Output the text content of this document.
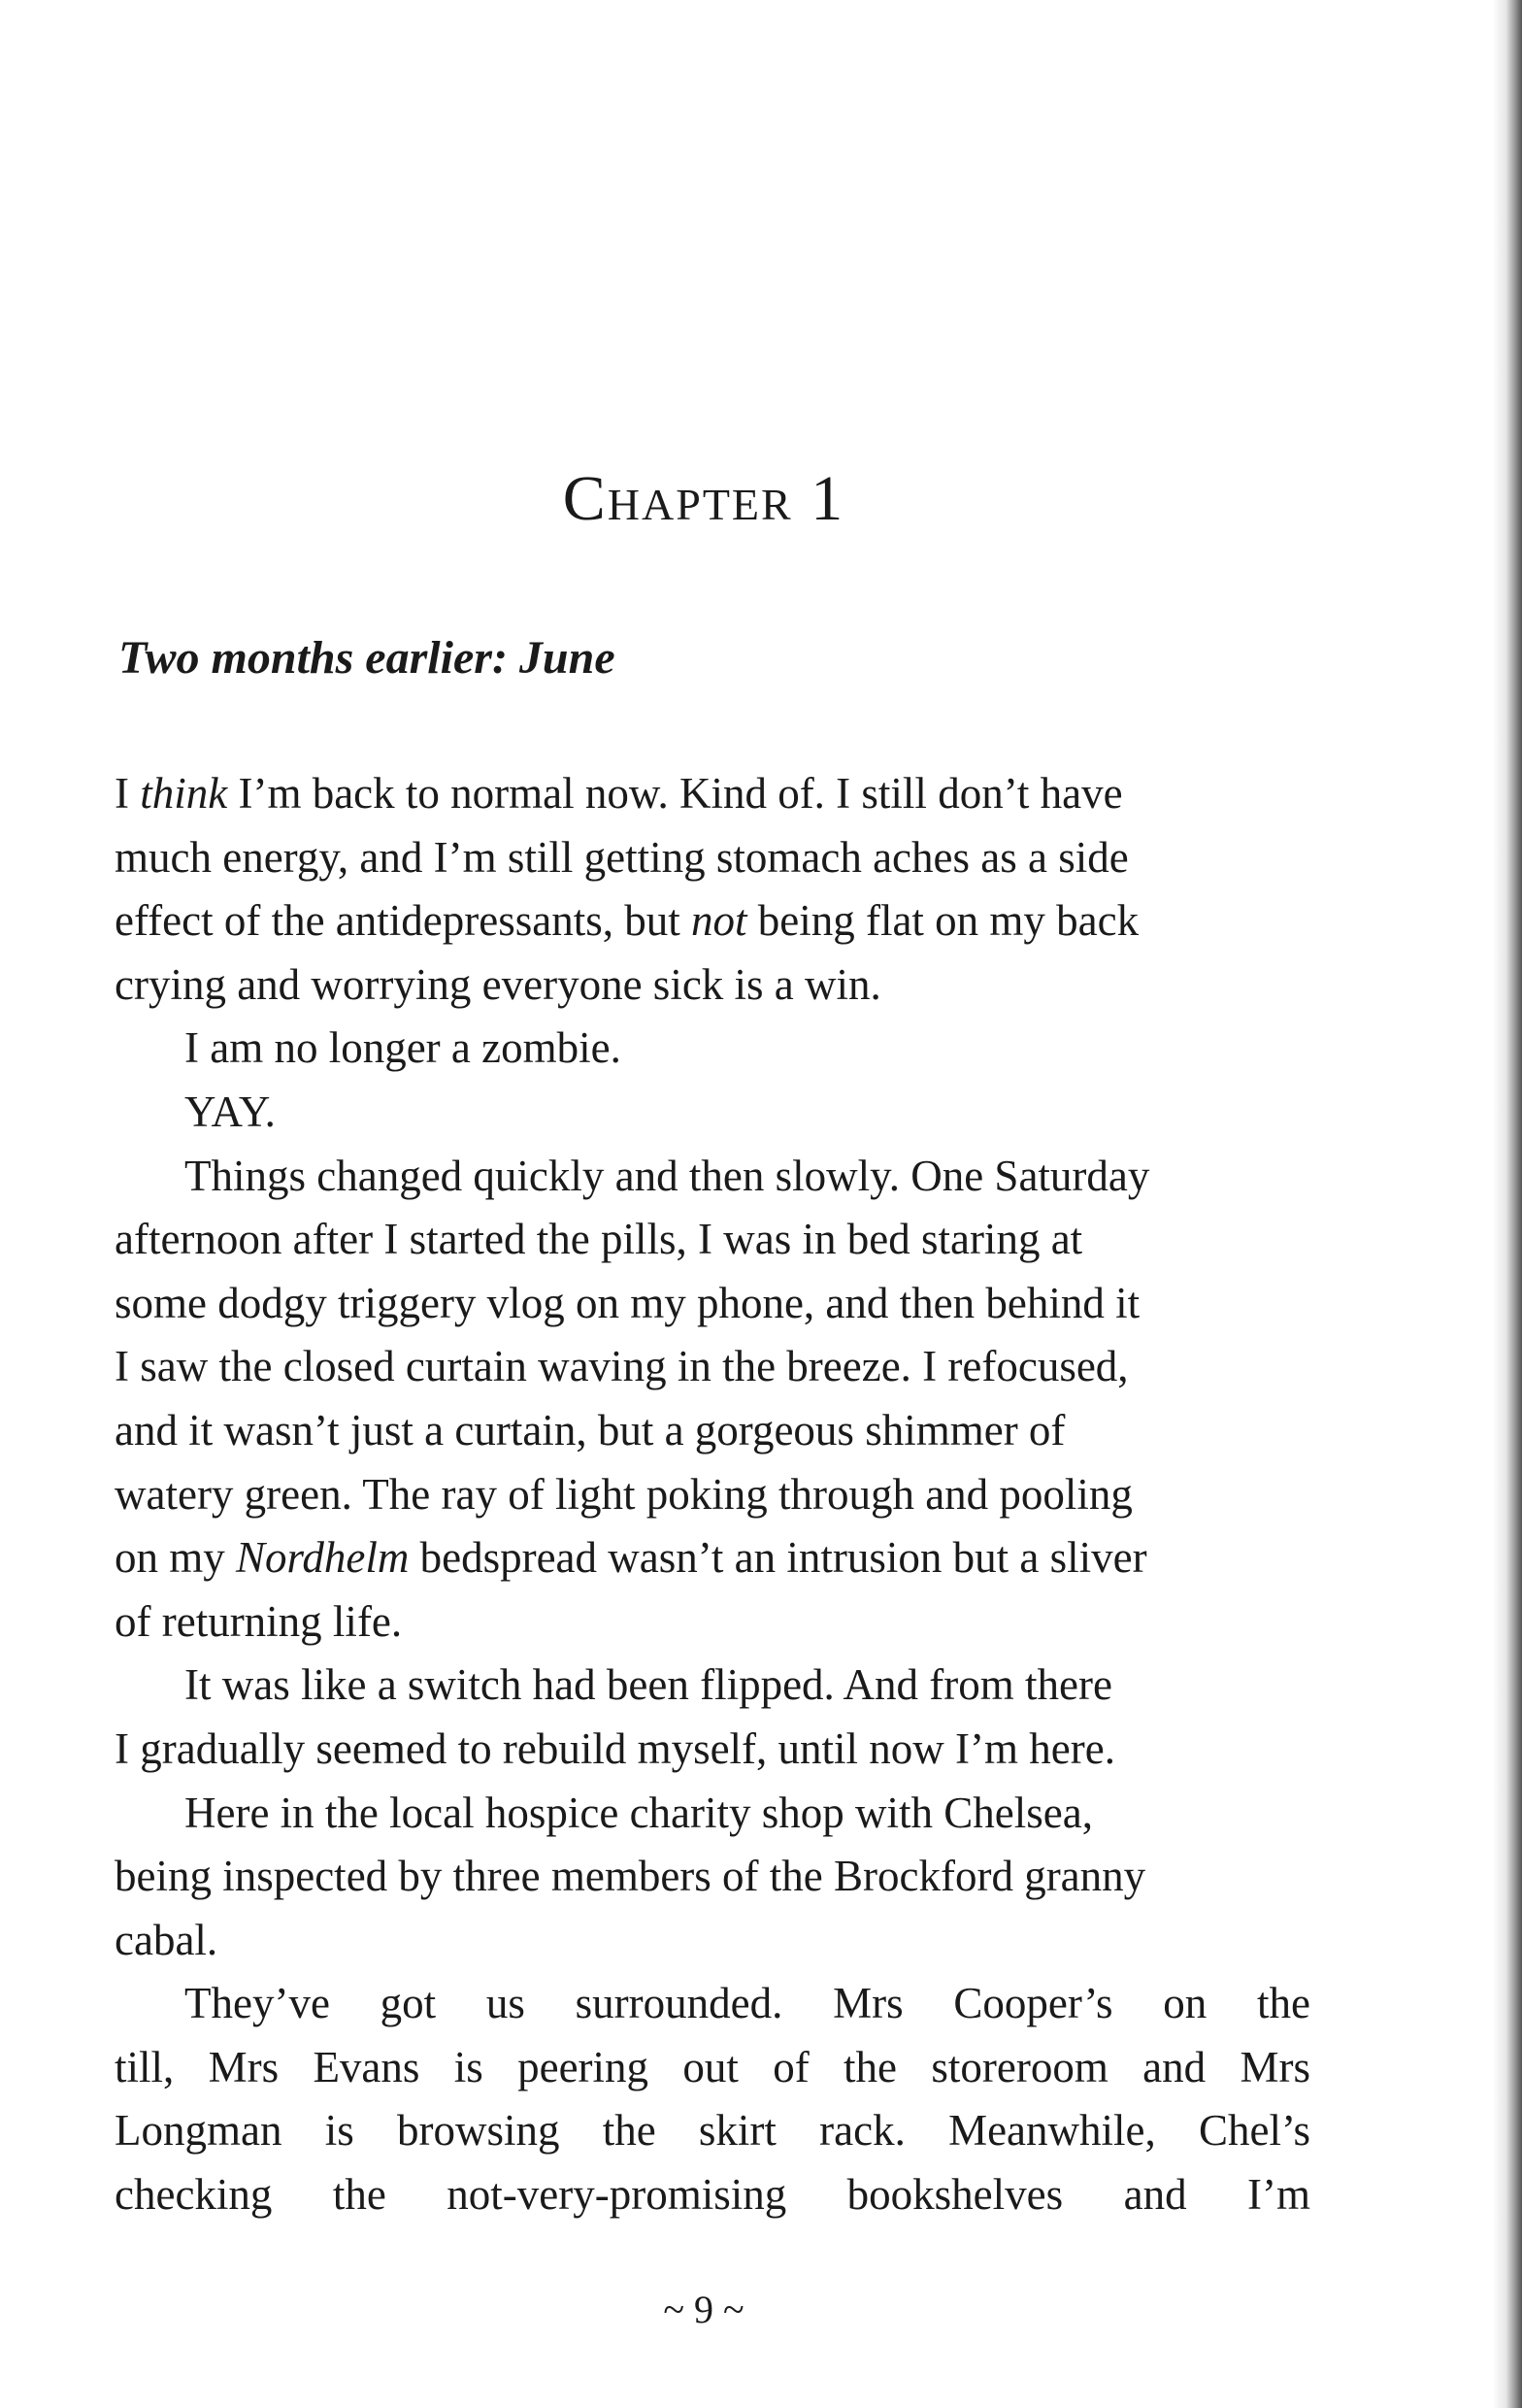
Chapter 1
Two months earlier: June

I think I’m back to normal now. Kind of. I still don’t have
much energy, and I’m still getting stomach aches as a side
effect of the antidepressants, but not being flat on my back
crying and worrying everyone sick is a win.

I am no longer a zombie.

YAY.

Things changed quickly and then slowly. One Saturday
afternoon after I started the pills, I was in bed staring at
some dodgy triggery vlog on my phone, and then behind it
I saw the closed curtain waving in the breeze. I refocused,
and it wasn’t just a curtain, but a gorgeous shimmer of
watery green. The ray of light poking through and pooling
on my Nordhelm bedspread wasn’t an intrusion but a sliver
of returning life.

It was like a switch had been flipped. And from there
I gradually seemed to rebuild myself, until now I’m here.

Here in the local hospice charity shop with Chelsea,
being inspected by three members of the Brockford granny
cabal.

They’ve got us surrounded. Mrs Cooper’s on the
till, Mrs Evans is peering out of the storeroom and Mrs
Longman is browsing the skirt rack. Meanwhile, Chel’s
checking the not-very-promising bookshelves and I’m

~ 9 ~
